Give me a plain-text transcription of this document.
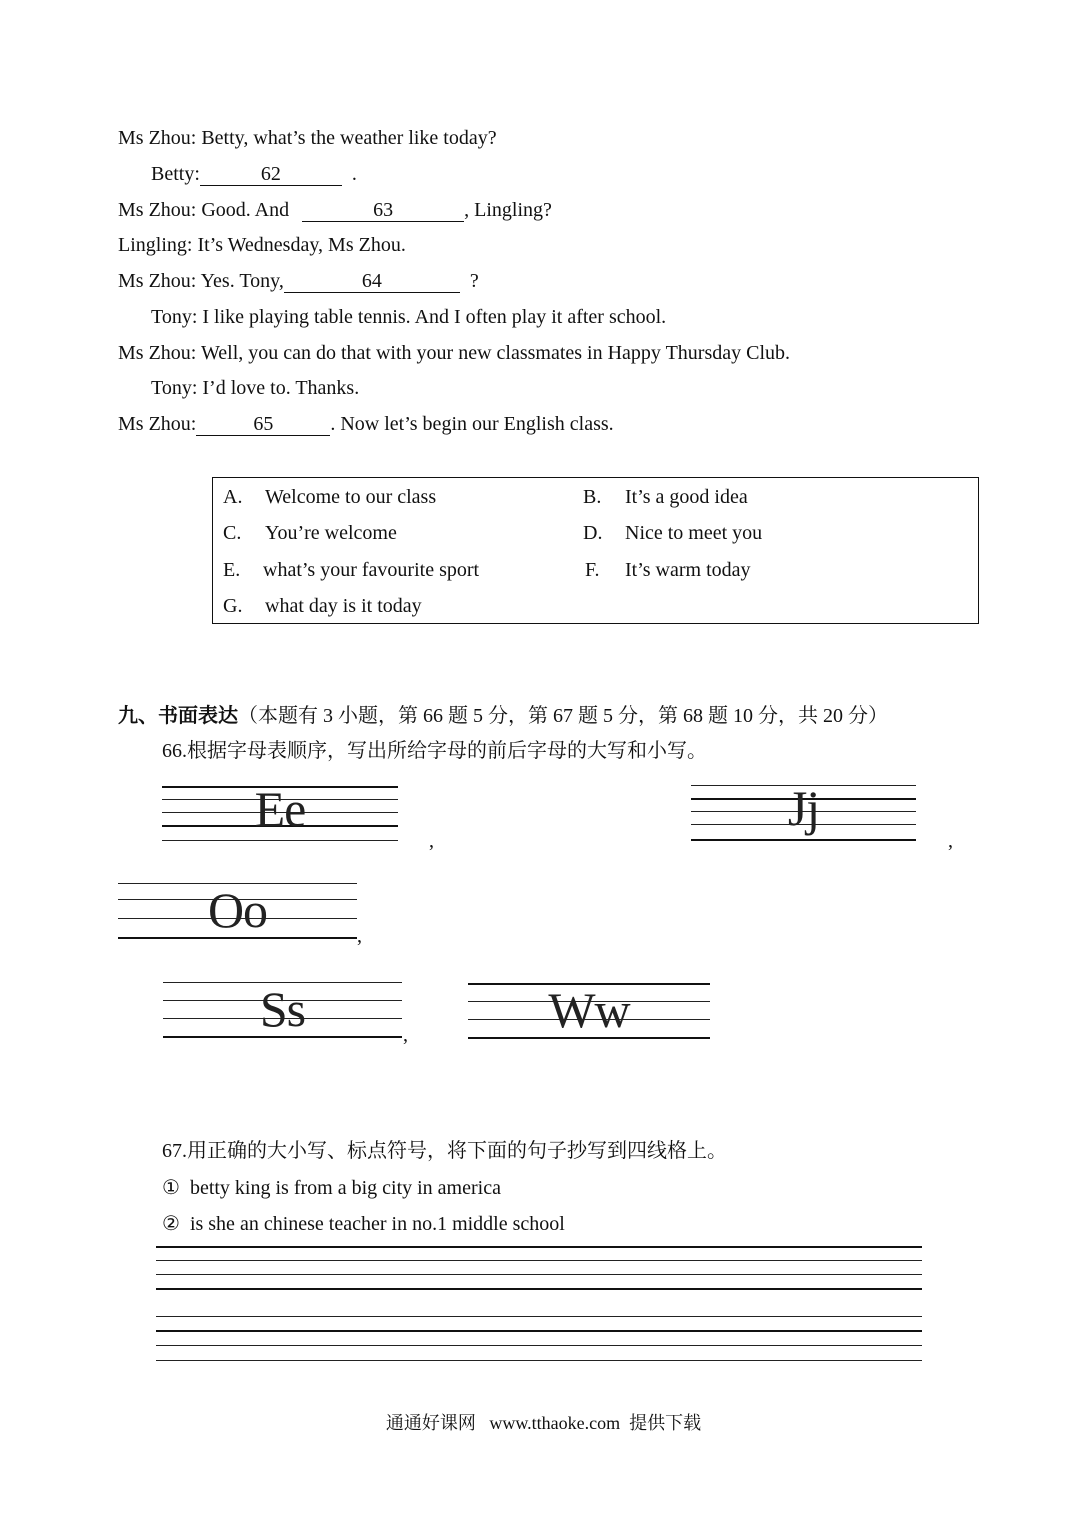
Ms Zhou: Betty, what’s the weather like today?
Betty:	62	.
Ms Zhou: Good. And	63	, Lingling?
Lingling: It’s Wednesday, Ms Zhou.
Ms Zhou: Yes. Tony,	64	?
Tony: I like playing table tennis. And I often play it after school.
Ms Zhou: Well, you can do that with your new classmates in Happy Thursday Club.
Tony: I’d love to. Thanks.
Ms Zhou:	65	. Now let’s begin our English class.
A. Welcome to our class	B. It’s a good idea
C. You’re welcome	D. Nice to meet you
E. what’s your favourite sport	F. It’s warm today
G. what day is it today
九、书面表达（本题有 3 小题，第 66 题 5 分，第 67 题 5 分，第 68 题 10 分，共 20 分）
66.根据字母表顺序，写出所给字母的前后字母的大写和小写。
Ee
,
Jj
,
Oo	,
Ss	,	Ww
67.用正确的大小写、标点符号，将下面的句子抄写到四线格上。
① betty king is from a big city in america
② is she an chinese teacher in no.1 middle school
通通好课网   www.tthaoke.com  提供下载
